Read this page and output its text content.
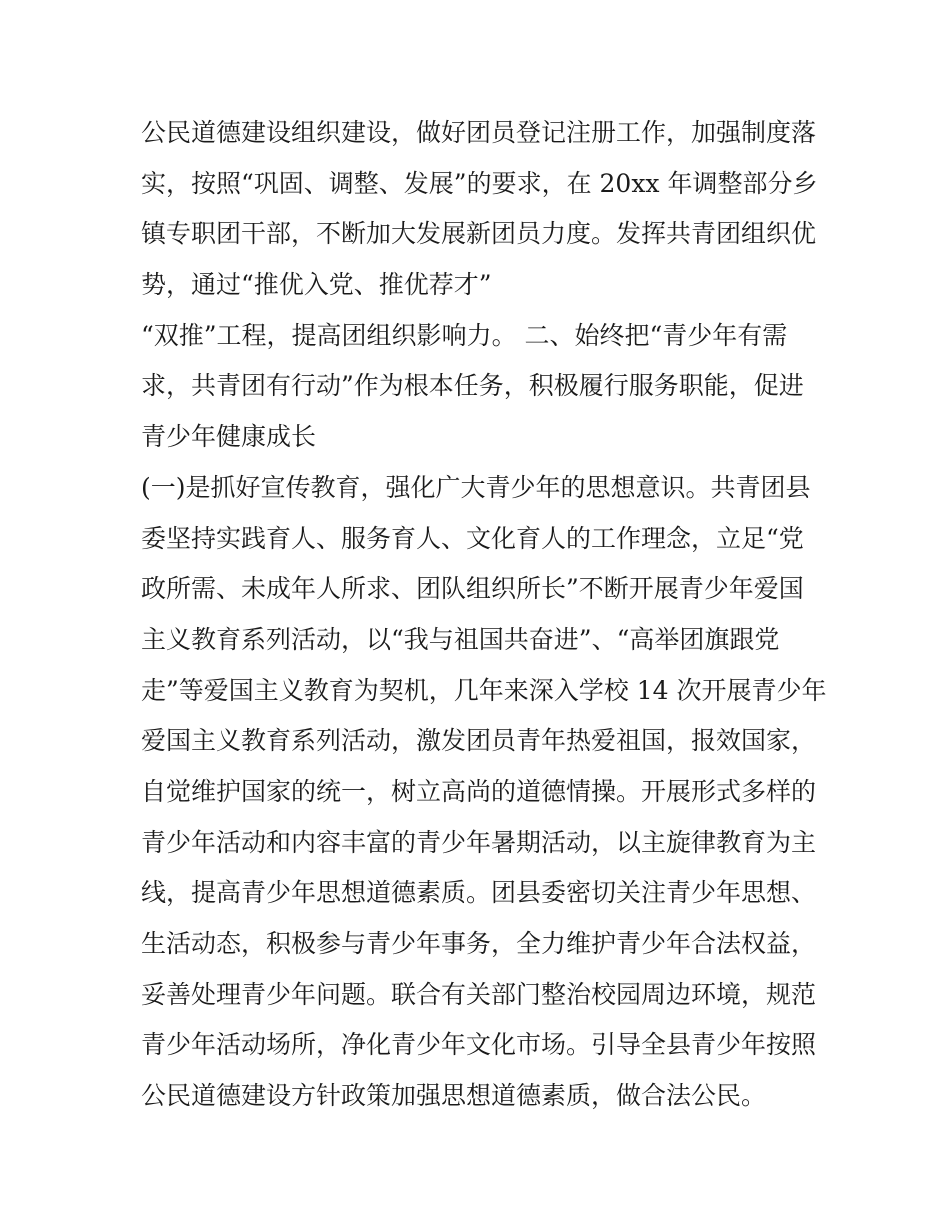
公民道德建设组织建设，做好团员登记注册工作，加强制度落
实，按照“巩固、调整、发展”的要求，在 20xx 年调整部分乡
镇专职团干部，不断加大发展新团员力度。发挥共青团组织优
势，通过“推优入党、推优荐才”
“双推”工程，提高团组织影响力。 二、始终把“青少年有需
求，共青团有行动”作为根本任务，积极履行服务职能，促进
青少年健康成长
(一)是抓好宣传教育，强化广大青少年的思想意识。共青团县
委坚持实践育人、服务育人、文化育人的工作理念，立足“党
政所需、未成年人所求、团队组织所长”不断开展青少年爱国
主义教育系列活动，以“我与祖国共奋进”、“高举团旗跟党
走”等爱国主义教育为契机，几年来深入学校 14 次开展青少年
爱国主义教育系列活动，激发团员青年热爱祖国，报效国家，
自觉维护国家的统一，树立高尚的道德情操。开展形式多样的
青少年活动和内容丰富的青少年暑期活动，以主旋律教育为主
线，提高青少年思想道德素质。团县委密切关注青少年思想、
生活动态，积极参与青少年事务，全力维护青少年合法权益，
妥善处理青少年问题。联合有关部门整治校园周边环境，规范
青少年活动场所，净化青少年文化市场。引导全县青少年按照
公民道德建设方针政策加强思想道德素质，做合法公民。
